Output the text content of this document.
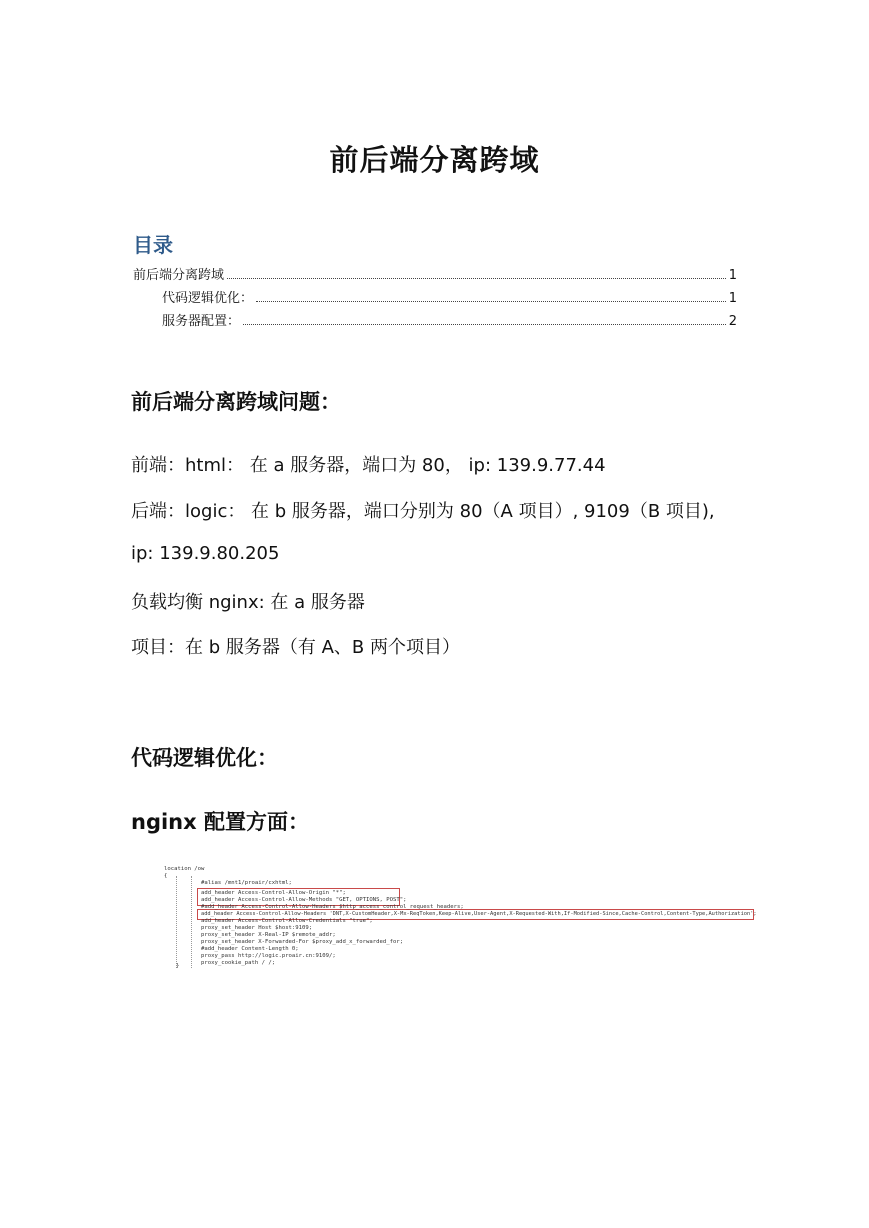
前后端分离跨域
目录
前后端分离跨域	1
代码逻辑优化：	1
服务器配置：	2
前后端分离跨域问题：
前端：html： 在 a 服务器，端口为 80， ip: 139.9.77.44
后端：logic： 在 b 服务器，端口分别为 80（A 项目）, 9109（B 项目),
ip: 139.9.80.205
负载均衡 nginx: 在 a 服务器
项目：在 b 服务器（有 A、B 两个项目）
代码逻辑优化：
nginx 配置方面：
location /ow
{
#alias /mnt1/proair/cxhtml;
add_header Access-Control-Allow-Origin "*";
add_header Access-Control-Allow-Methods "GET, OPTIONS, POST";
#add_header Access-Control-Allow-Headers $http_access_control_request_headers;
add_header Access-Control-Allow-Headers 'DNT,X-CustomHeader,X-Mx-ReqToken,Keep-Alive,User-Agent,X-Requested-With,If-Modified-Since,Cache-Control,Content-Type,Authorization';
add_header Access-Control-Allow-Credentials "true";
proxy_set_header Host $host:9109;
proxy_set_header X-Real-IP $remote_addr;
proxy_set_header X-Forwarded-For $proxy_add_x_forwarded_for;
#add_header Content-Length 0;
proxy_pass http://logic.proair.cn:9109/;
proxy_cookie_path / /;
}
